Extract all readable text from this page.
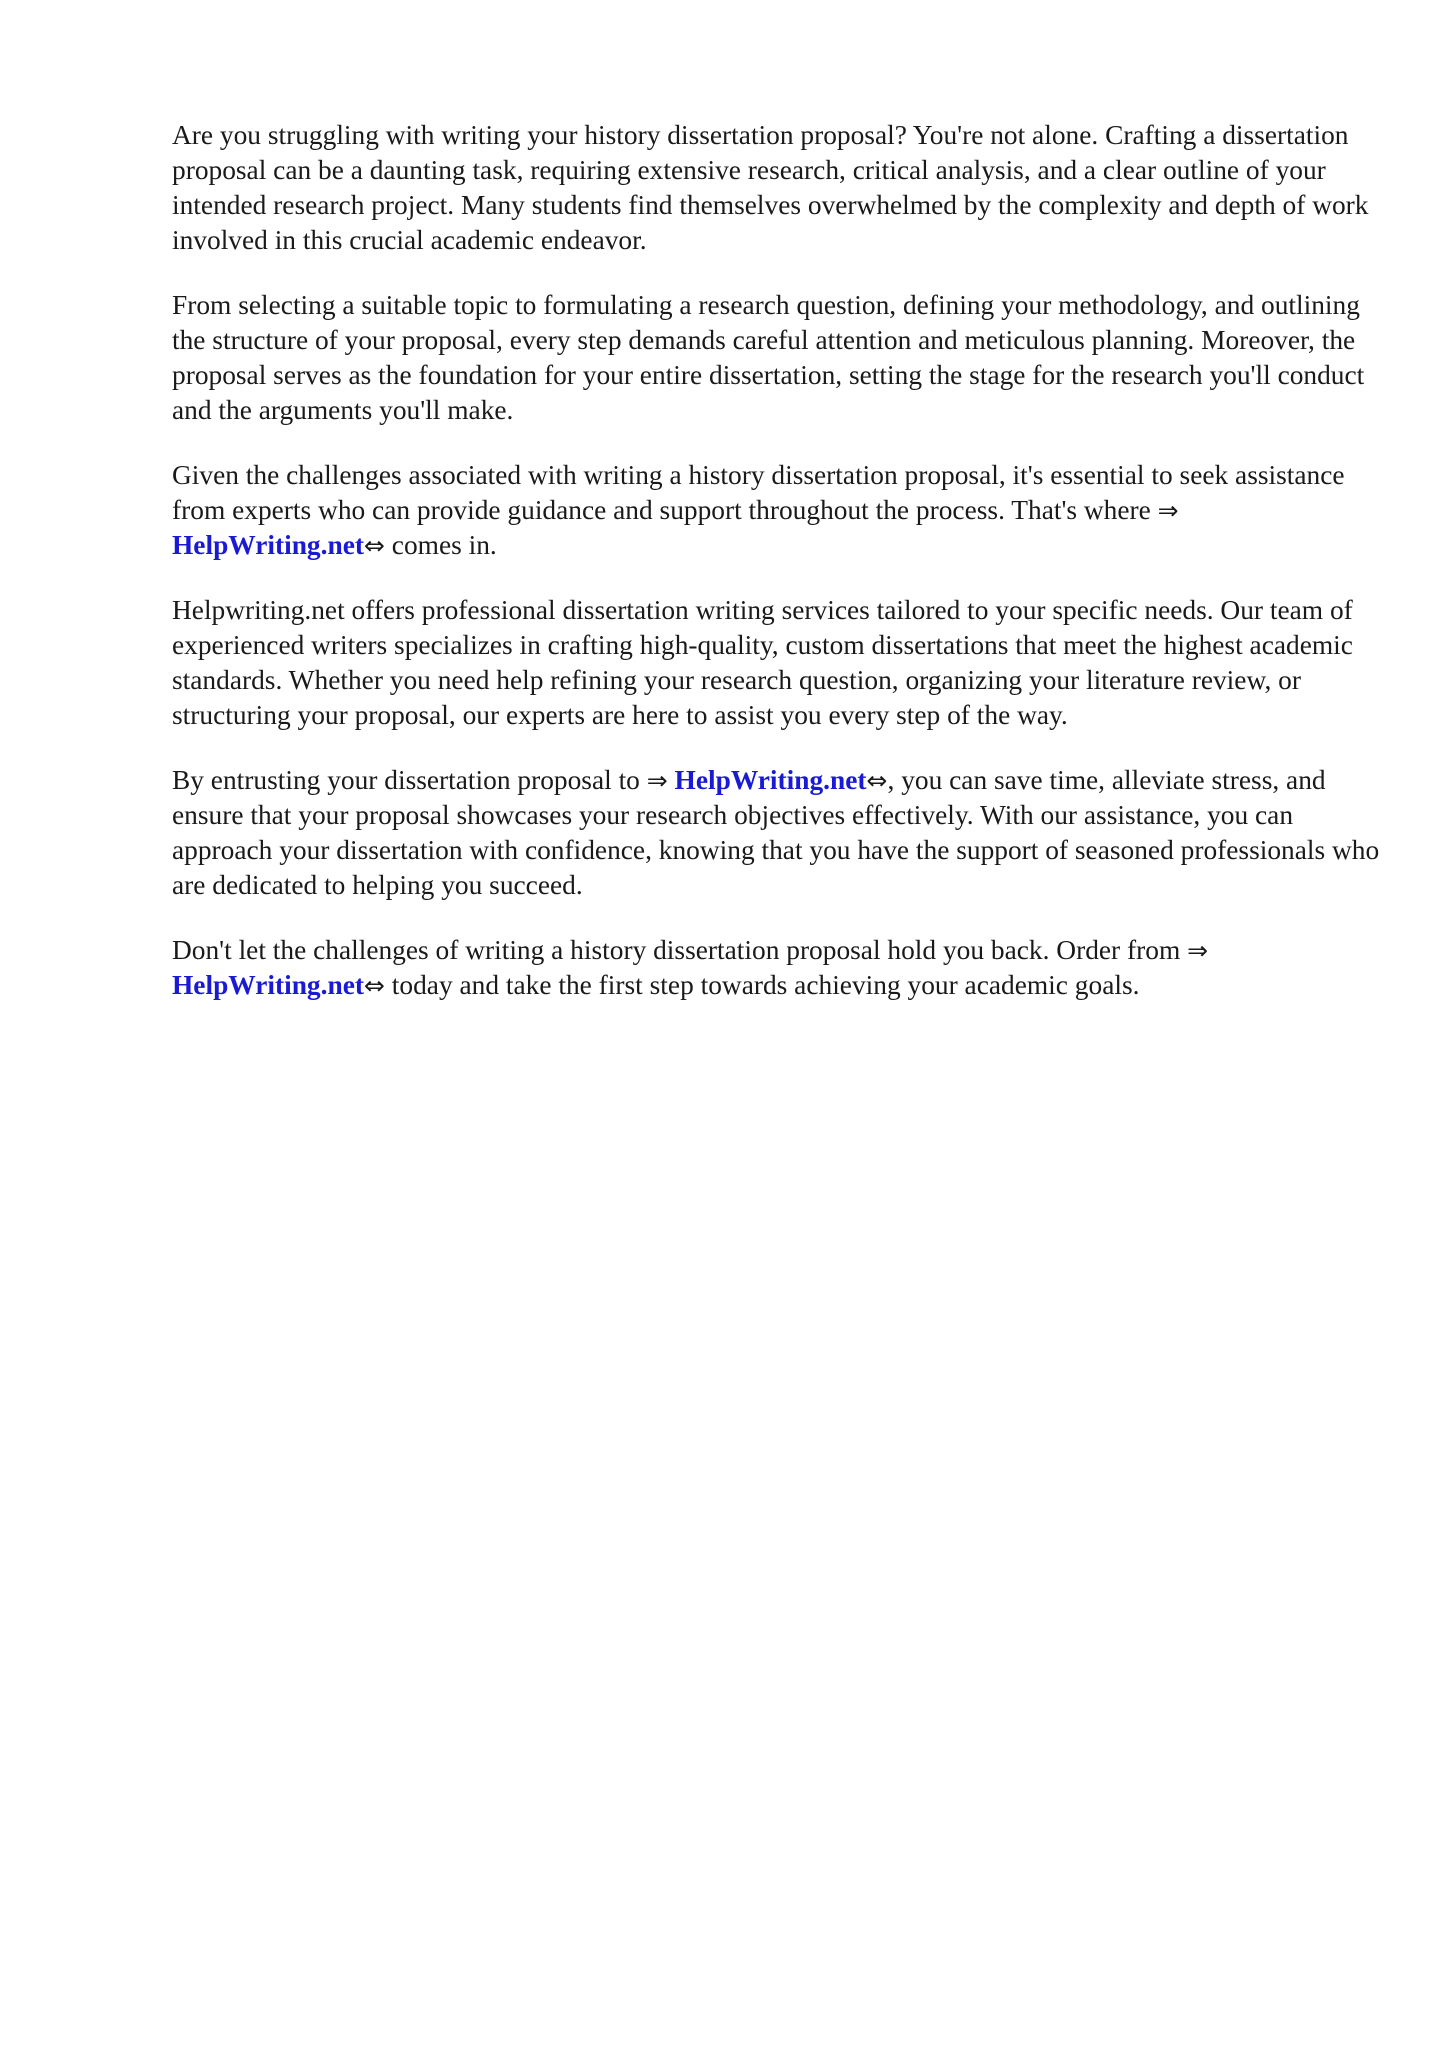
Are you struggling with writing your history dissertation proposal? You're not alone. Crafting a dissertation proposal can be a daunting task, requiring extensive research, critical analysis, and a clear outline of your intended research project. Many students find themselves overwhelmed by the complexity and depth of work involved in this crucial academic endeavor.

From selecting a suitable topic to formulating a research question, defining your methodology, and outlining the structure of your proposal, every step demands careful attention and meticulous planning. Moreover, the proposal serves as the foundation for your entire dissertation, setting the stage for the research you'll conduct and the arguments you'll make.

Given the challenges associated with writing a history dissertation proposal, it's essential to seek assistance from experts who can provide guidance and support throughout the process. That's where ⇒ HelpWriting.net⇔ comes in.

Helpwriting.net offers professional dissertation writing services tailored to your specific needs. Our team of experienced writers specializes in crafting high-quality, custom dissertations that meet the highest academic standards. Whether you need help refining your research question, organizing your literature review, or structuring your proposal, our experts are here to assist you every step of the way.

By entrusting your dissertation proposal to ⇒ HelpWriting.net⇔, you can save time, alleviate stress, and ensure that your proposal showcases your research objectives effectively. With our assistance, you can approach your dissertation with confidence, knowing that you have the support of seasoned professionals who are dedicated to helping you succeed.

Don't let the challenges of writing a history dissertation proposal hold you back. Order from ⇒ HelpWriting.net⇔ today and take the first step towards achieving your academic goals.
